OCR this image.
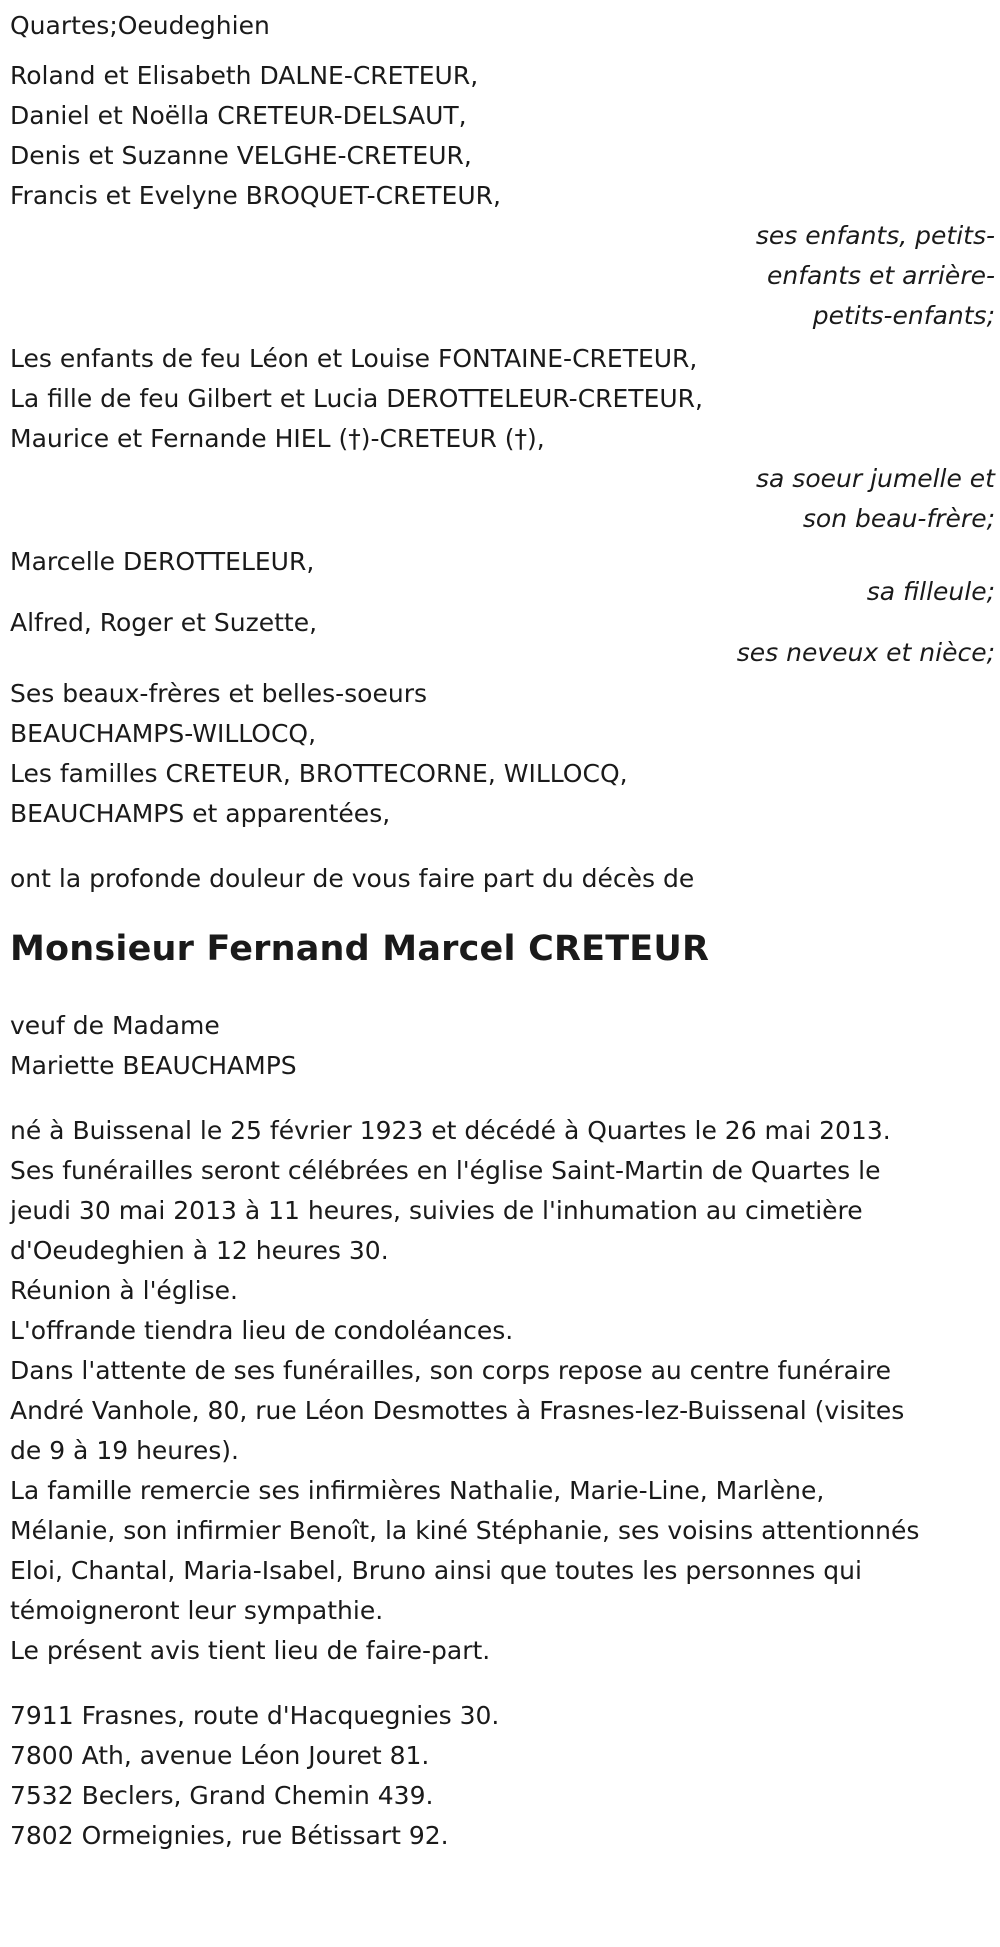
Quartes;Oeudeghien
Roland et Elisabeth DALNE-CRETEUR,
Daniel et Noëlla CRETEUR-DELSAUT,
Denis et Suzanne VELGHE-CRETEUR,
Francis et Evelyne BROQUET-CRETEUR,
ses enfants, petits-
enfants et arrière-
petits-enfants;
Les enfants de feu Léon et Louise FONTAINE-CRETEUR,
La fille de feu Gilbert et Lucia DEROTTELEUR-CRETEUR,
Maurice et Fernande HIEL (†)-CRETEUR (†),
sa soeur jumelle et
son beau-frère;
Marcelle DEROTTELEUR,
sa filleule;
Alfred, Roger et Suzette,
ses neveux et nièce;
Ses beaux-frères et belles-soeurs
BEAUCHAMPS-WILLOCQ,
Les familles CRETEUR, BROTTECORNE, WILLOCQ,
BEAUCHAMPS et apparentées,
ont la profonde douleur de vous faire part du décès de
Monsieur Fernand Marcel CRETEUR
veuf de Madame
Mariette BEAUCHAMPS
né à Buissenal le 25 février 1923 et décédé à Quartes le 26 mai 2013.
Ses funérailles seront célébrées en l'église Saint-Martin de Quartes le
jeudi 30 mai 2013 à 11 heures, suivies de l'inhumation au cimetière
d'Oeudeghien à 12 heures 30.
Réunion à l'église.
L'offrande tiendra lieu de condoléances.
Dans l'attente de ses funérailles, son corps repose au centre funéraire
André Vanhole, 80, rue Léon Desmottes à Frasnes-lez-Buissenal (visites
de 9 à 19 heures).
La famille remercie ses infirmières Nathalie, Marie-Line, Marlène,
Mélanie, son infirmier Benoît, la kiné Stéphanie, ses voisins attentionnés
Eloi, Chantal, Maria-Isabel, Bruno ainsi que toutes les personnes qui
témoigneront leur sympathie.
Le présent avis tient lieu de faire-part.
7911 Frasnes, route d'Hacquegnies 30.
7800 Ath, avenue Léon Jouret 81.
7532 Beclers, Grand Chemin 439.
7802 Ormeignies, rue Bétissart 92.
